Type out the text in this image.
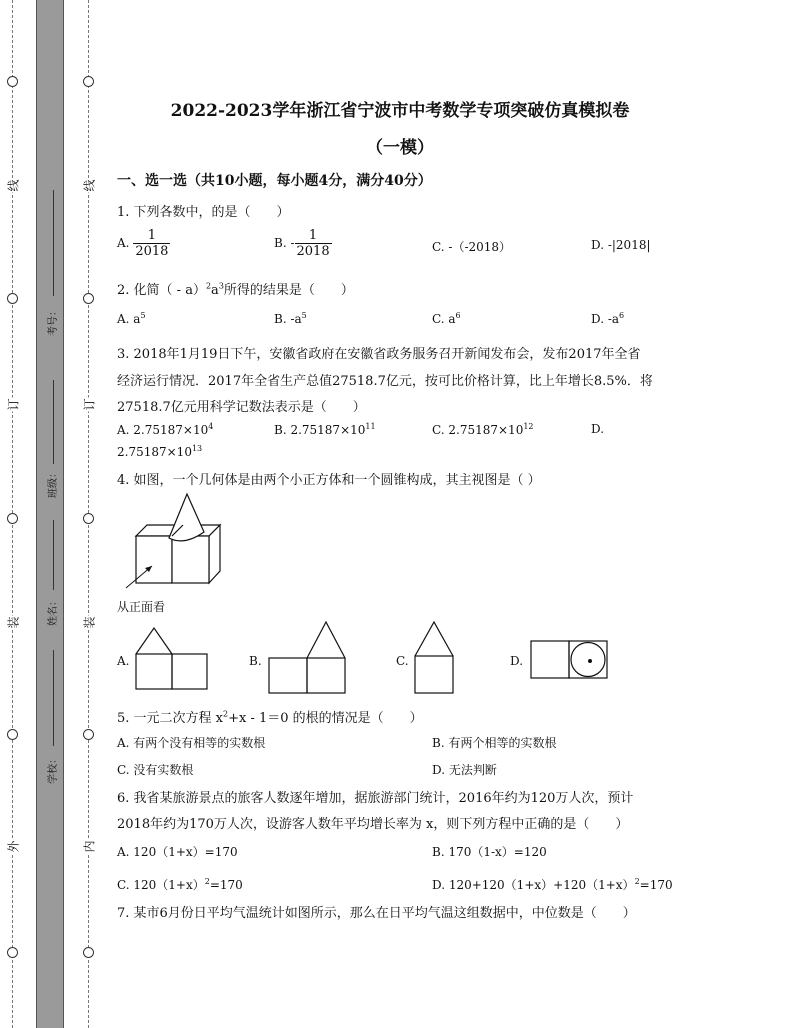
线
订
装
外
线
订
装
内
考号：
班级：
姓名：
学校：
2022-2023学年浙江省宁波市中考数学专项突破仿真模拟卷
（一模）
一、选一选（共10小题，每小题4分，满分40分）
1. 下列各数中，的是（　　）
A. $\frac{1}{2018}$	B. - $\frac{1}{2018}$	C. -（-2018）	D. -|2018|
2. 化简（ - $a)^2a^3$所得的结果是（　　）
A. $a^5$	B. $-a^5$	C. $a^6$	D. $-a^6$
3. 2018年1月19日下午，安徽省政府在安徽省政务服务召开新闻发布会，发布2017年全省
经济运行情况．2017年全省生产总值27518.7亿元，按可比价格计算，比上年增长8.5%．将
27518.7亿元用科学记数法表示是（　　）
A. $2.75187\times 10^4$	B. $2.75187\times 10^{11}$	C. $2.75187\times 10^{12}$	D.
$2.75187\times 10^{13}$
4. 如图，一个几何体是由两个小正方体和一个圆锥构成，其主视图是（ ）
从正面看
A.	B.	C.	D.
5. 一元二次方程 $x^2+x - 1=0$ 的根的情况是（　　）
A. 有两个没有相等的实数根	B. 有两个相等的实数根
C. 没有实数根	D. 无法判断
6. 我省某旅游景点的旅客人数逐年增加，据旅游部门统计，2016年约为120万人次，预计
2018年约为170万人次，设游客人数年平均增长率为 x，则下列方程中正确的是（　　）
A. 120（1+x）=170	B. 170（1-x）=120
C. $120(1+x)^2=170$	D. $120+120(1+x)+120(1+x)^2=170$
7. 某市6月份日平均气温统计如图所示，那么在日平均气温这组数据中，中位数是（　　）
